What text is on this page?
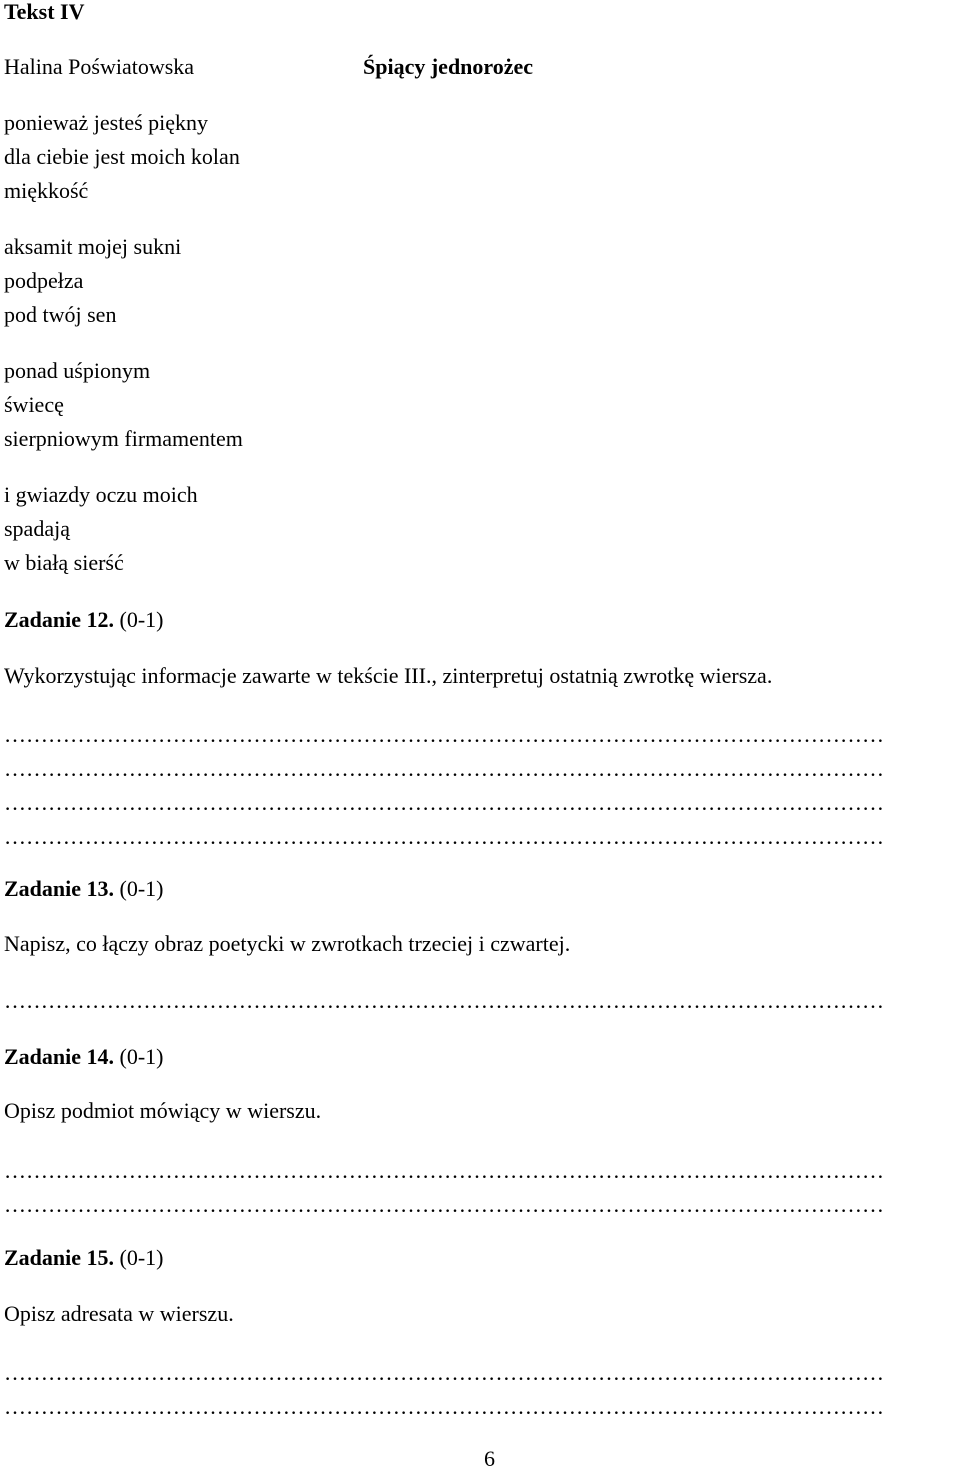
Tekst IV
Halina Poświatowska	Śpiący jednorożec
ponieważ jesteś piękny
dla ciebie jest moich kolan
miękkość
aksamit mojej sukni
podpełza
pod twój sen
ponad uśpionym
świecę
sierpniowym firmamentem
i gwiazdy oczu moich
spadają
w białą sierść
Zadanie 12. (0-1)
Wykorzystując informacje zawarte w tekście III., zinterpretuj ostatnią zwrotkę wiersza.
…………………………………………………………………………………………………………
…………………………………………………………………………………………………………
…………………………………………………………………………………………………………
…………………………………………………………………………………………………………
Zadanie 13. (0-1)
Napisz, co łączy obraz poetycki w zwrotkach trzeciej i czwartej.
…………………………………………………………………………………………………………
Zadanie 14. (0-1)
Opisz podmiot mówiący w wierszu.
…………………………………………………………………………………………………………
…………………………………………………………………………………………………………
Zadanie 15. (0-1)
Opisz adresata w wierszu.
…………………………………………………………………………………………………………
…………………………………………………………………………………………………………
6
